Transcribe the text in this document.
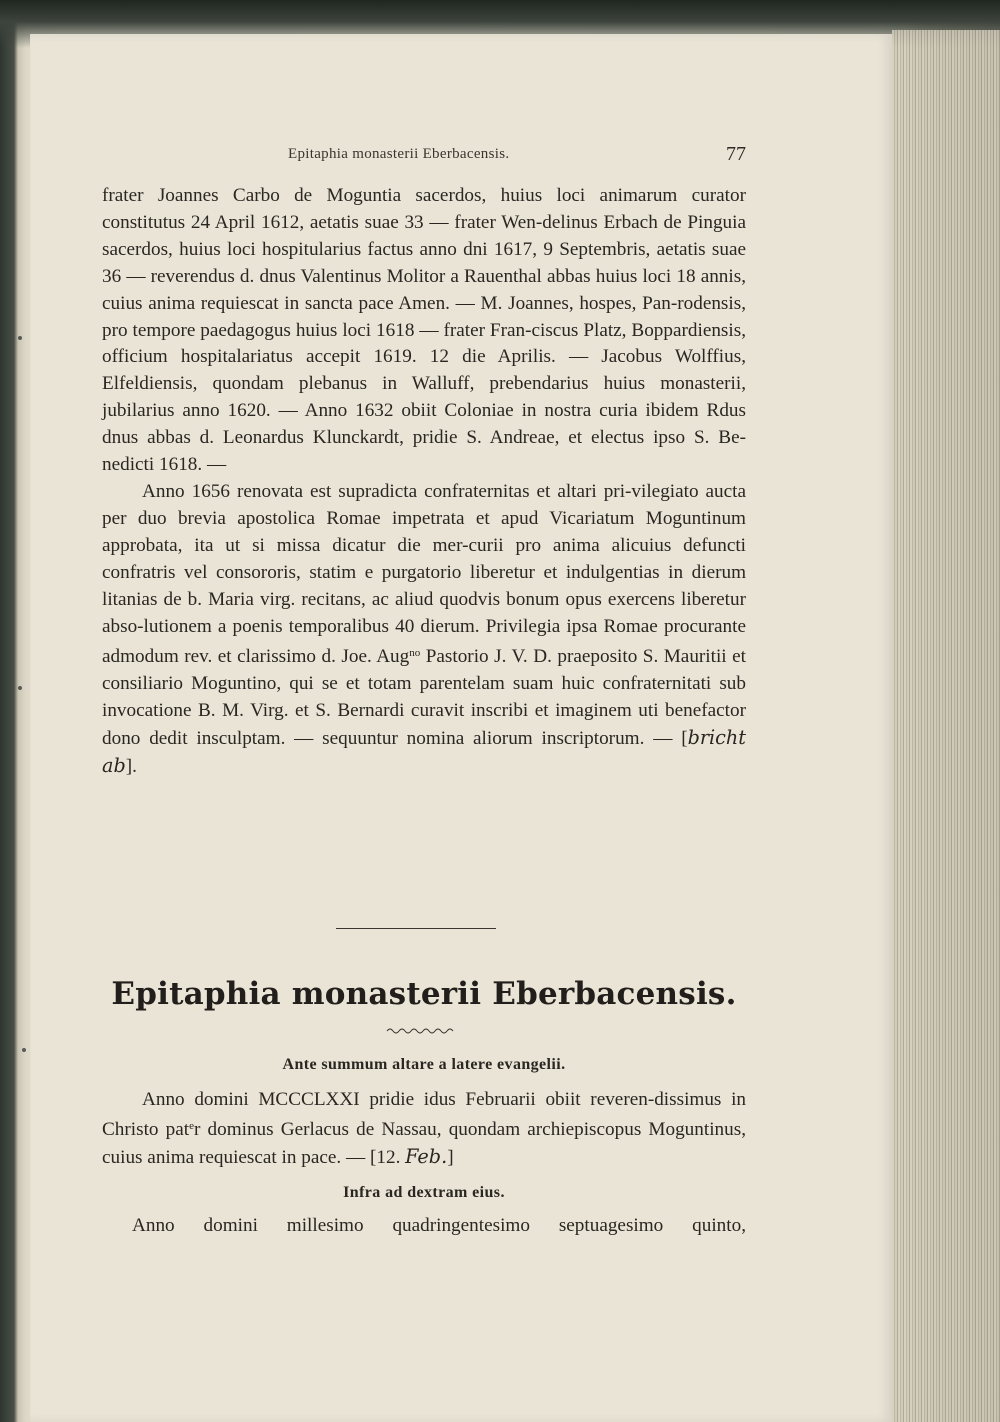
Epitaphia monasterii Eberbacensis.	77

frater Joannes Carbo de Moguntia sacerdos, huius loci animarum curator constitutus 24 April 1612, aetatis suae 33 — frater Wen-delinus Erbach de Pinguia sacerdos, huius loci hospitularius factus anno dni 1617, 9 Septembris, aetatis suae 36 — reverendus d. dnus Valentinus Molitor a Rauenthal abbas huius loci 18 annis, cuius anima requiescat in sancta pace Amen. — M. Joannes, hospes, Pan-rodensis, pro tempore paedagogus huius loci 1618 — frater Fran-ciscus Platz, Boppardiensis, officium hospitalariatus accepit 1619. 12 die Aprilis. — Jacobus Wolffius, Elfeldiensis, quondam plebanus in Walluff, prebendarius huius monasterii, jubilarius anno 1620. — Anno 1632 obiit Coloniae in nostra curia ibidem Rdus dnus abbas d. Leonardus Klunckardt, pridie S. Andreae, et electus ipso S. Be-nedicti 1618. —

Anno 1656 renovata est supradicta confraternitas et altari pri-vilegiato aucta per duo brevia apostolica Romae impetrata et apud Vicariatum Moguntinum approbata, ita ut si missa dicatur die mer-curii pro anima alicuius defuncti confratris vel consororis, statim e purgatorio liberetur et indulgentias in dierum litanias de b. Maria virg. recitans, ac aliud quodvis bonum opus exercens liberetur abso-lutionem a poenis temporalibus 40 dierum. Privilegia ipsa Romae procurante admodum rev. et clarissimo d. Joe. Aug$^{no}$ Pastorio J. V. D. praeposito S. Mauritii et consiliario Moguntino, qui se et totam parentelam suam huic confraternitati sub invocatione B. M. Virg. et S. Bernardi curavit inscribi et imaginem uti benefactor dono dedit insculptam. — sequuntur nomina aliorum inscriptorum. — [bricht ab].

Epitaphia monasterii Eberbacensis.
Ante summum altare a latere evangelii.

Anno domini MCCCLXXI pridie idus Februarii obiit reveren-dissimus in Christo pat$^e$r dominus Gerlacus de Nassau, quondam archiepiscopus Moguntinus, cuius anima requiescat in pace. — [12. Feb.]

Infra ad dextram eius.

Anno domini millesimo quadringentesimo septuagesimo quinto,
